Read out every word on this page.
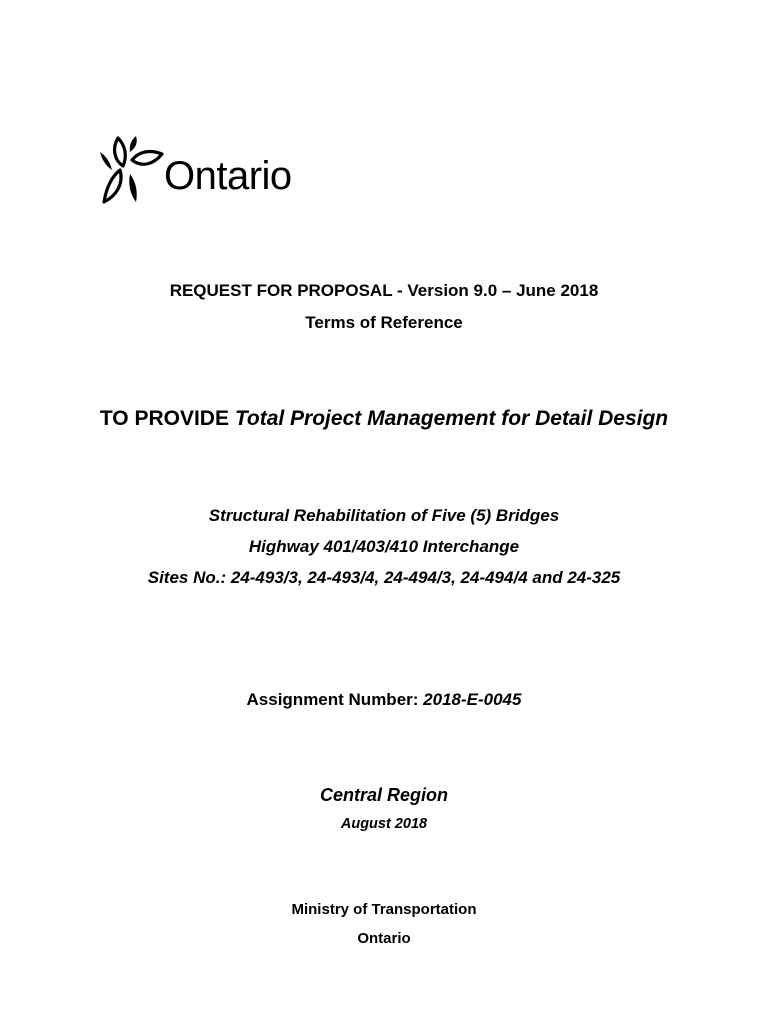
Ontario
REQUEST FOR PROPOSAL - Version 9.0 – June 2018
Terms of Reference
TO PROVIDE Total Project Management for Detail Design
Structural Rehabilitation of Five (5) Bridges
Highway 401/403/410 Interchange
Sites No.: 24-493/3, 24-493/4, 24-494/3, 24-494/4 and 24-325
Assignment Number: 2018-E-0045
Central Region
August 2018
Ministry of Transportation
Ontario
